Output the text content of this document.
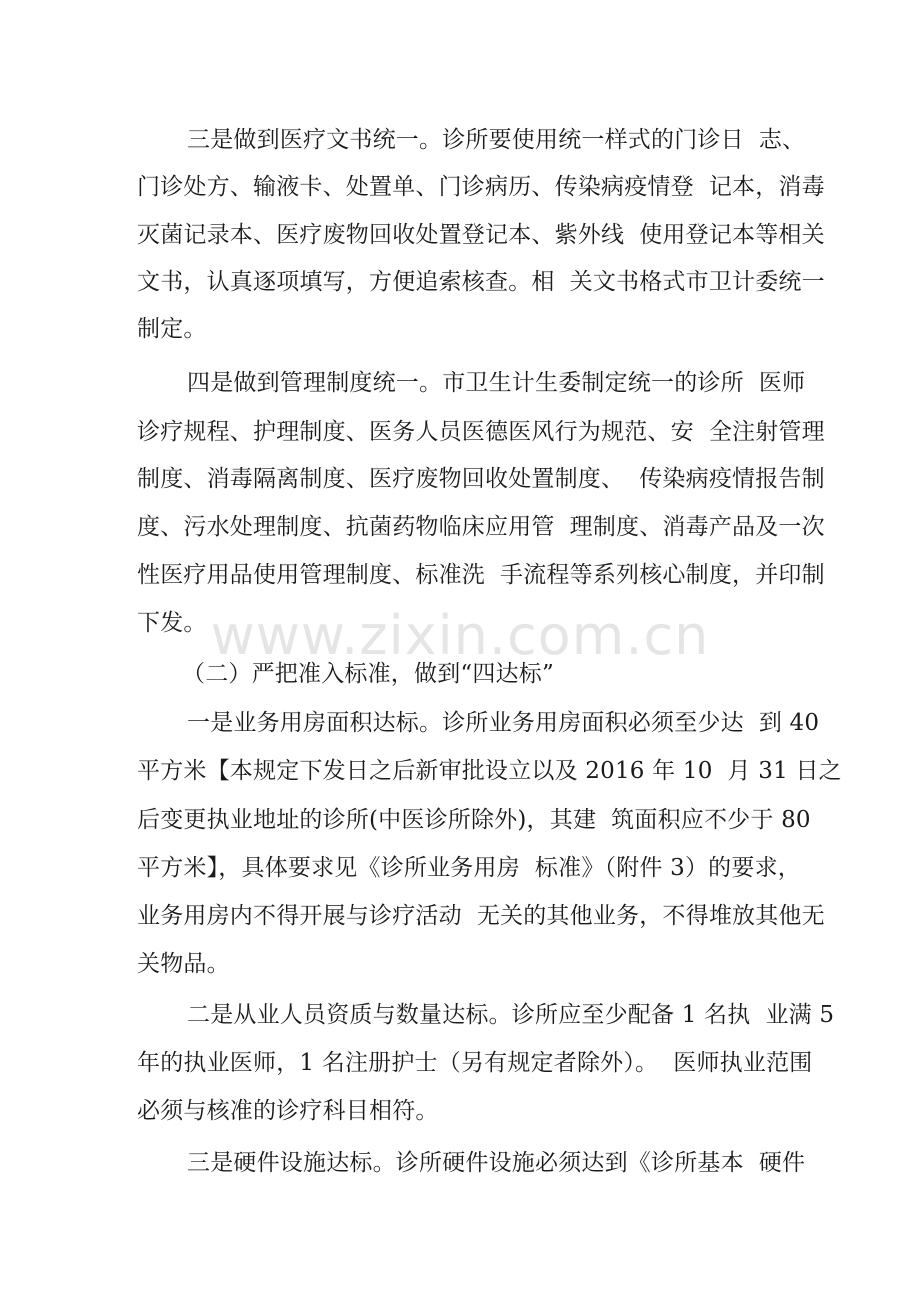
三是做到医疗文书统一。诊所要使用统一样式的门诊日  志、
门诊处方、输液卡、处置单、门诊病历、传染病疫情登  记本，消毒
灭菌记录本、医疗废物回收处置登记本、紫外线  使用登记本等相关
文书，认真逐项填写，方便追索核查。相  关文书格式市卫计委统一
制定。
四是做到管理制度统一。市卫生计生委制定统一的诊所  医师
诊疗规程、护理制度、医务人员医德医风行为规范、安  全注射管理
制度、消毒隔离制度、医疗废物回收处置制度、  传染病疫情报告制
度、污水处理制度、抗菌药物临床应用管  理制度、消毒产品及一次
性医疗用品使用管理制度、标准洗  手流程等系列核心制度，并印制
下发。
（二）严把准入标准，做到“四达标”
一是业务用房面积达标。诊所业务用房面积必须至少达  到 40
平方米【本规定下发日之后新审批设立以及 2016 年 10  月 31 日之
后变更执业地址的诊所(中医诊所除外)，其建  筑面积应不少于 80
平方米】，具体要求见《诊所业务用房  标准》（附件 3）的要求，
业务用房内不得开展与诊疗活动  无关的其他业务，不得堆放其他无
关物品。
二是从业人员资质与数量达标。诊所应至少配备 1 名执  业满 5
年的执业医师，1 名注册护士（另有规定者除外）。  医师执业范围
必须与核准的诊疗科目相符。
三是硬件设施达标。诊所硬件设施必须达到《诊所基本  硬件
www.zixin.com.cn
